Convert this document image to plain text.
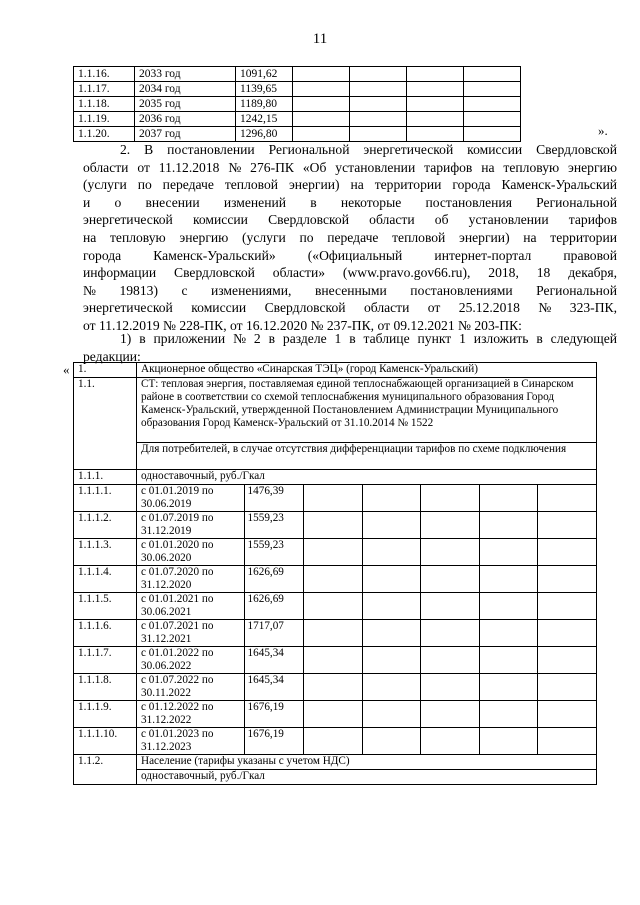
11
1.1.16.	2033 год	1091,62				
1.1.17.	2034 год	1139,65				
1.1.18.	2035 год	1189,80				
1.1.19.	2036 год	1242,15				
1.1.20.	2037 год	1296,80					».
2. В постановлении Региональной энергетической комиссии Свердловской
области от 11.12.2018 № 276-ПК «Об установлении тарифов на тепловую энергию
(услуги по передаче тепловой энергии) на территории города Каменск-Уральский
и о внесении изменений в некоторые постановления Региональной
энергетической комиссии Свердловской области об установлении тарифов
на тепловую энергию (услуги по передаче тепловой энергии) на территории
города Каменск-Уральский» («Официальный интернет-портал правовой
информации Свердловской области» (www.pravo.gov66.ru), 2018, 18 декабря,
№ 19813) с изменениями, внесенными постановлениями Региональной
энергетической комиссии Свердловской области от 25.12.2018 № 323-ПК,
от 11.12.2019 № 228-ПК, от 16.12.2020 № 237-ПК, от 09.12.2021 № 203-ПК:
1) в приложении № 2 в разделе 1 в таблице пункт 1 изложить в следующей
редакции:
« 1.	Акционерное общество «Синарская ТЭЦ» (город Каменск-Уральский)						
1.1.	СТ: тепловая энергия, поставляемая единой теплоснабжающей организацией в Синарском районе в соответствии со схемой теплоснабжения муниципального образования Город Каменск-Уральский, утвержденной Постановлением Администрации Муниципального образования Город Каменск-Уральский от 31.10.2014 № 1522						
	Для потребителей, в случае отсутствия дифференциации тарифов по схеме подключения						
1.1.1.	одноставочный, руб./Гкал						
1.1.1.1.	с 01.01.2019 по 30.06.2019	1476,39					
1.1.1.2.	с 01.07.2019 по 31.12.2019	1559,23					
1.1.1.3.	с 01.01.2020 по 30.06.2020	1559,23					
1.1.1.4.	с 01.07.2020 по 31.12.2020	1626,69					
1.1.1.5.	с 01.01.2021 по 30.06.2021	1626,69					
1.1.1.6.	с 01.07.2021 по 31.12.2021	1717,07					
1.1.1.7.	с 01.01.2022 по 30.06.2022	1645,34					
1.1.1.8.	с 01.07.2022 по 30.11.2022	1645,34					
1.1.1.9.	с 01.12.2022 по 31.12.2022	1676,19					
1.1.1.10.	с 01.01.2023 по 31.12.2023	1676,19					
1.1.2.	Население (тарифы указаны с учетом НДС)						
	одноставочный, руб./Гкал						
